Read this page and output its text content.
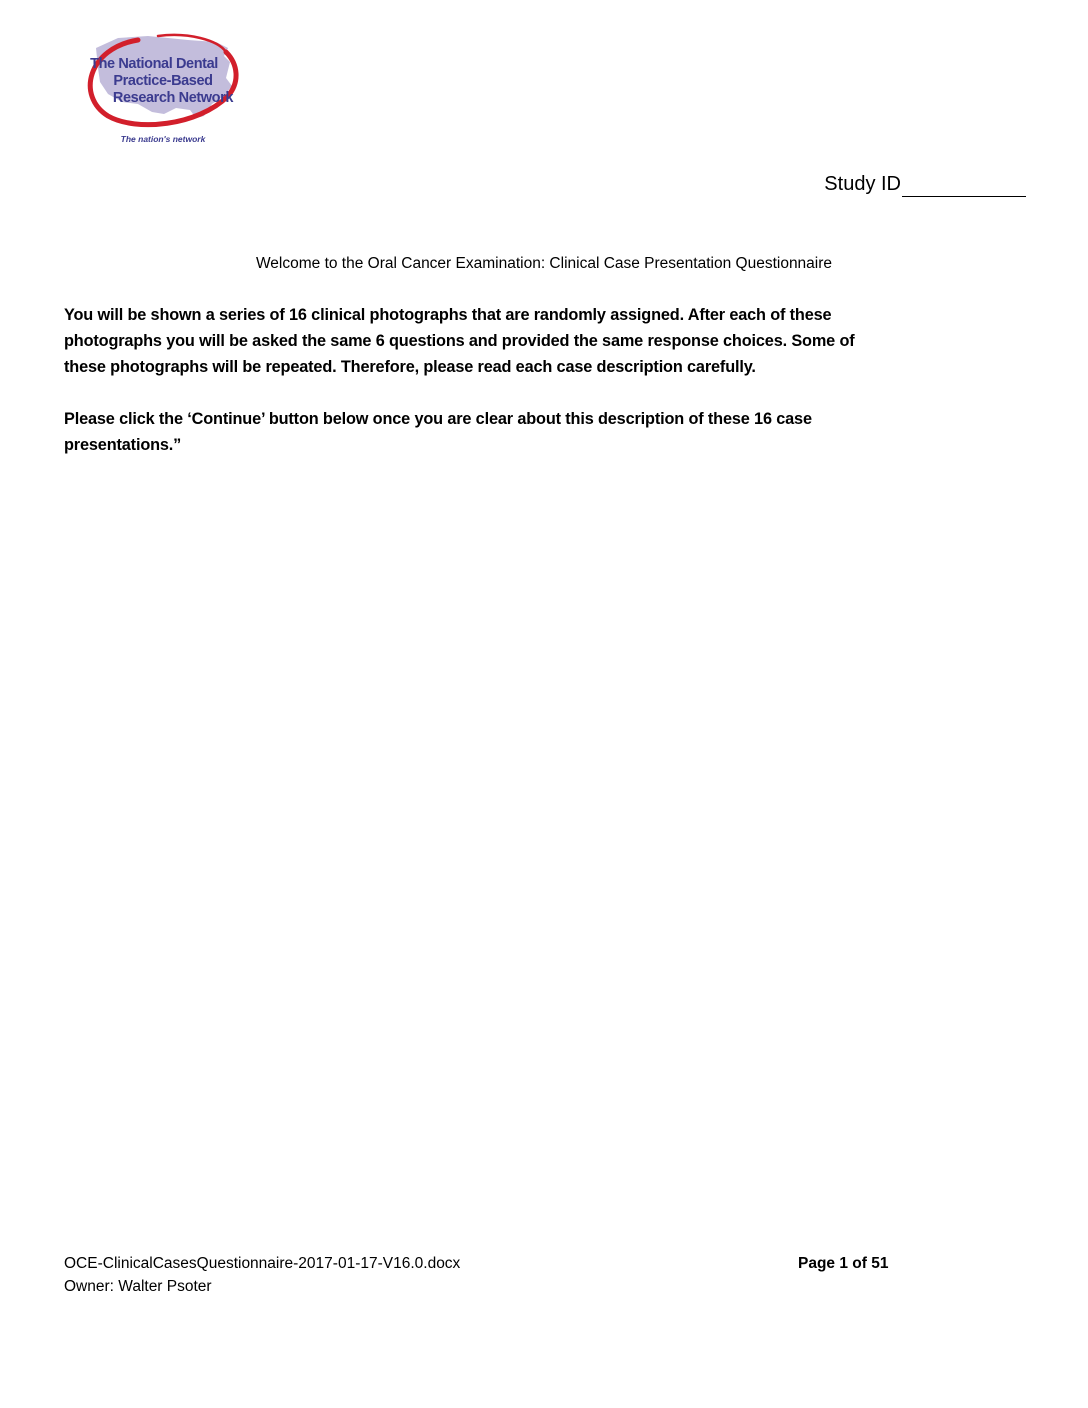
The National Dental
Practice-Based
Research Network
The nation's network
Study ID
Welcome to the Oral Cancer Examination: Clinical Case Presentation Questionnaire
You will be shown a series of 16 clinical photographs that are randomly assigned. After each of these
photographs you will be asked the same 6 questions and provided the same response choices. Some of
these photographs will be repeated. Therefore, please read each case description carefully.
Please click the ‘Continue’ button below once you are clear about this description of these 16 case
presentations.”
OCE-ClinicalCasesQuestionnaire-2017-01-17-V16.0.docx
Owner: Walter Psoter
Page 1 of 51
